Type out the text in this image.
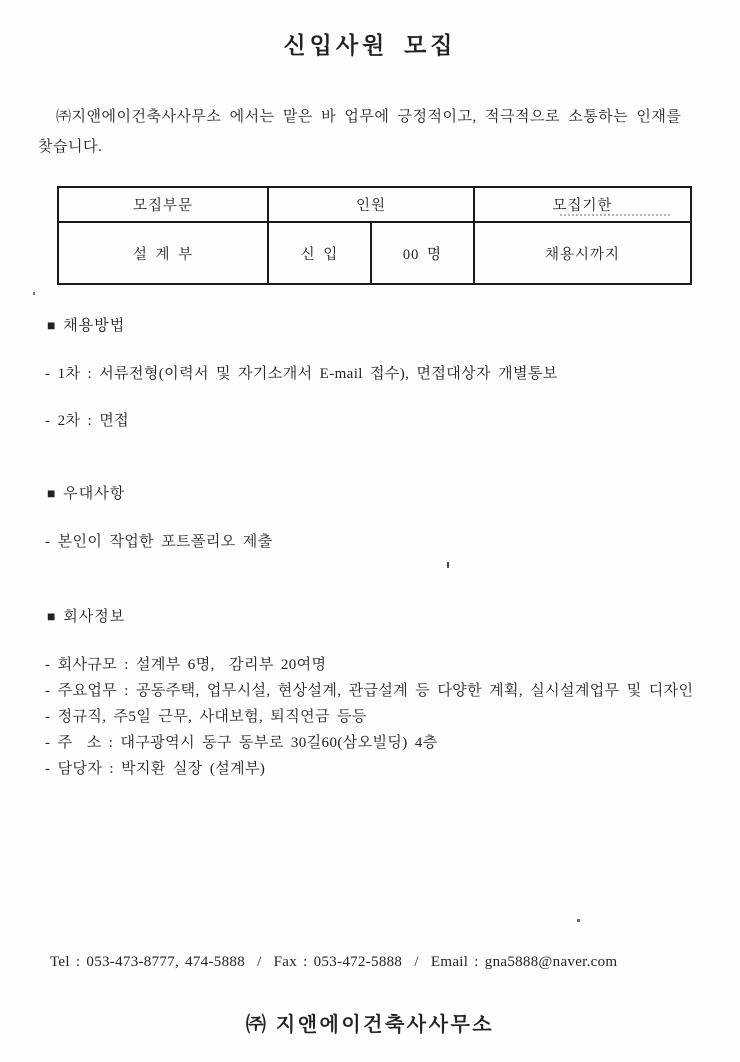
신입사원 모집

㈜지앤에이건축사사무소 에서는 맡은 바 업무에 긍정적이고, 적극적으로 소통하는 인재를 찾습니다.

모집부문	인원		모집기한
설 계 부	신 입	00 명	채용시까지
■ 채용방법
- 1차 : 서류전형(이력서 및 자기소개서 E-mail 접수), 면접대상자 개별통보
- 2차 : 면접
■ 우대사항
- 본인이 작업한 포트폴리오 제출
■ 회사정보
- 회사규모 : 설계부 6명,  감리부 20여명
- 주요업무 : 공동주택, 업무시설, 현상설계, 관급설계 등 다양한 계획, 실시설계업무 및 디자인
- 정규직, 주5일 근무, 사대보험, 퇴직연금 등등
- 주  소 : 대구광역시 동구 동부로 30길60(삼오빌딩) 4층
- 담당자 : 박지환 실장 (설계부)
Tel : 053-473-8777, 474-5888  /  Fax : 053-472-5888  /  Email : gna5888@naver.com
㈜ 지앤에이건축사사무소
